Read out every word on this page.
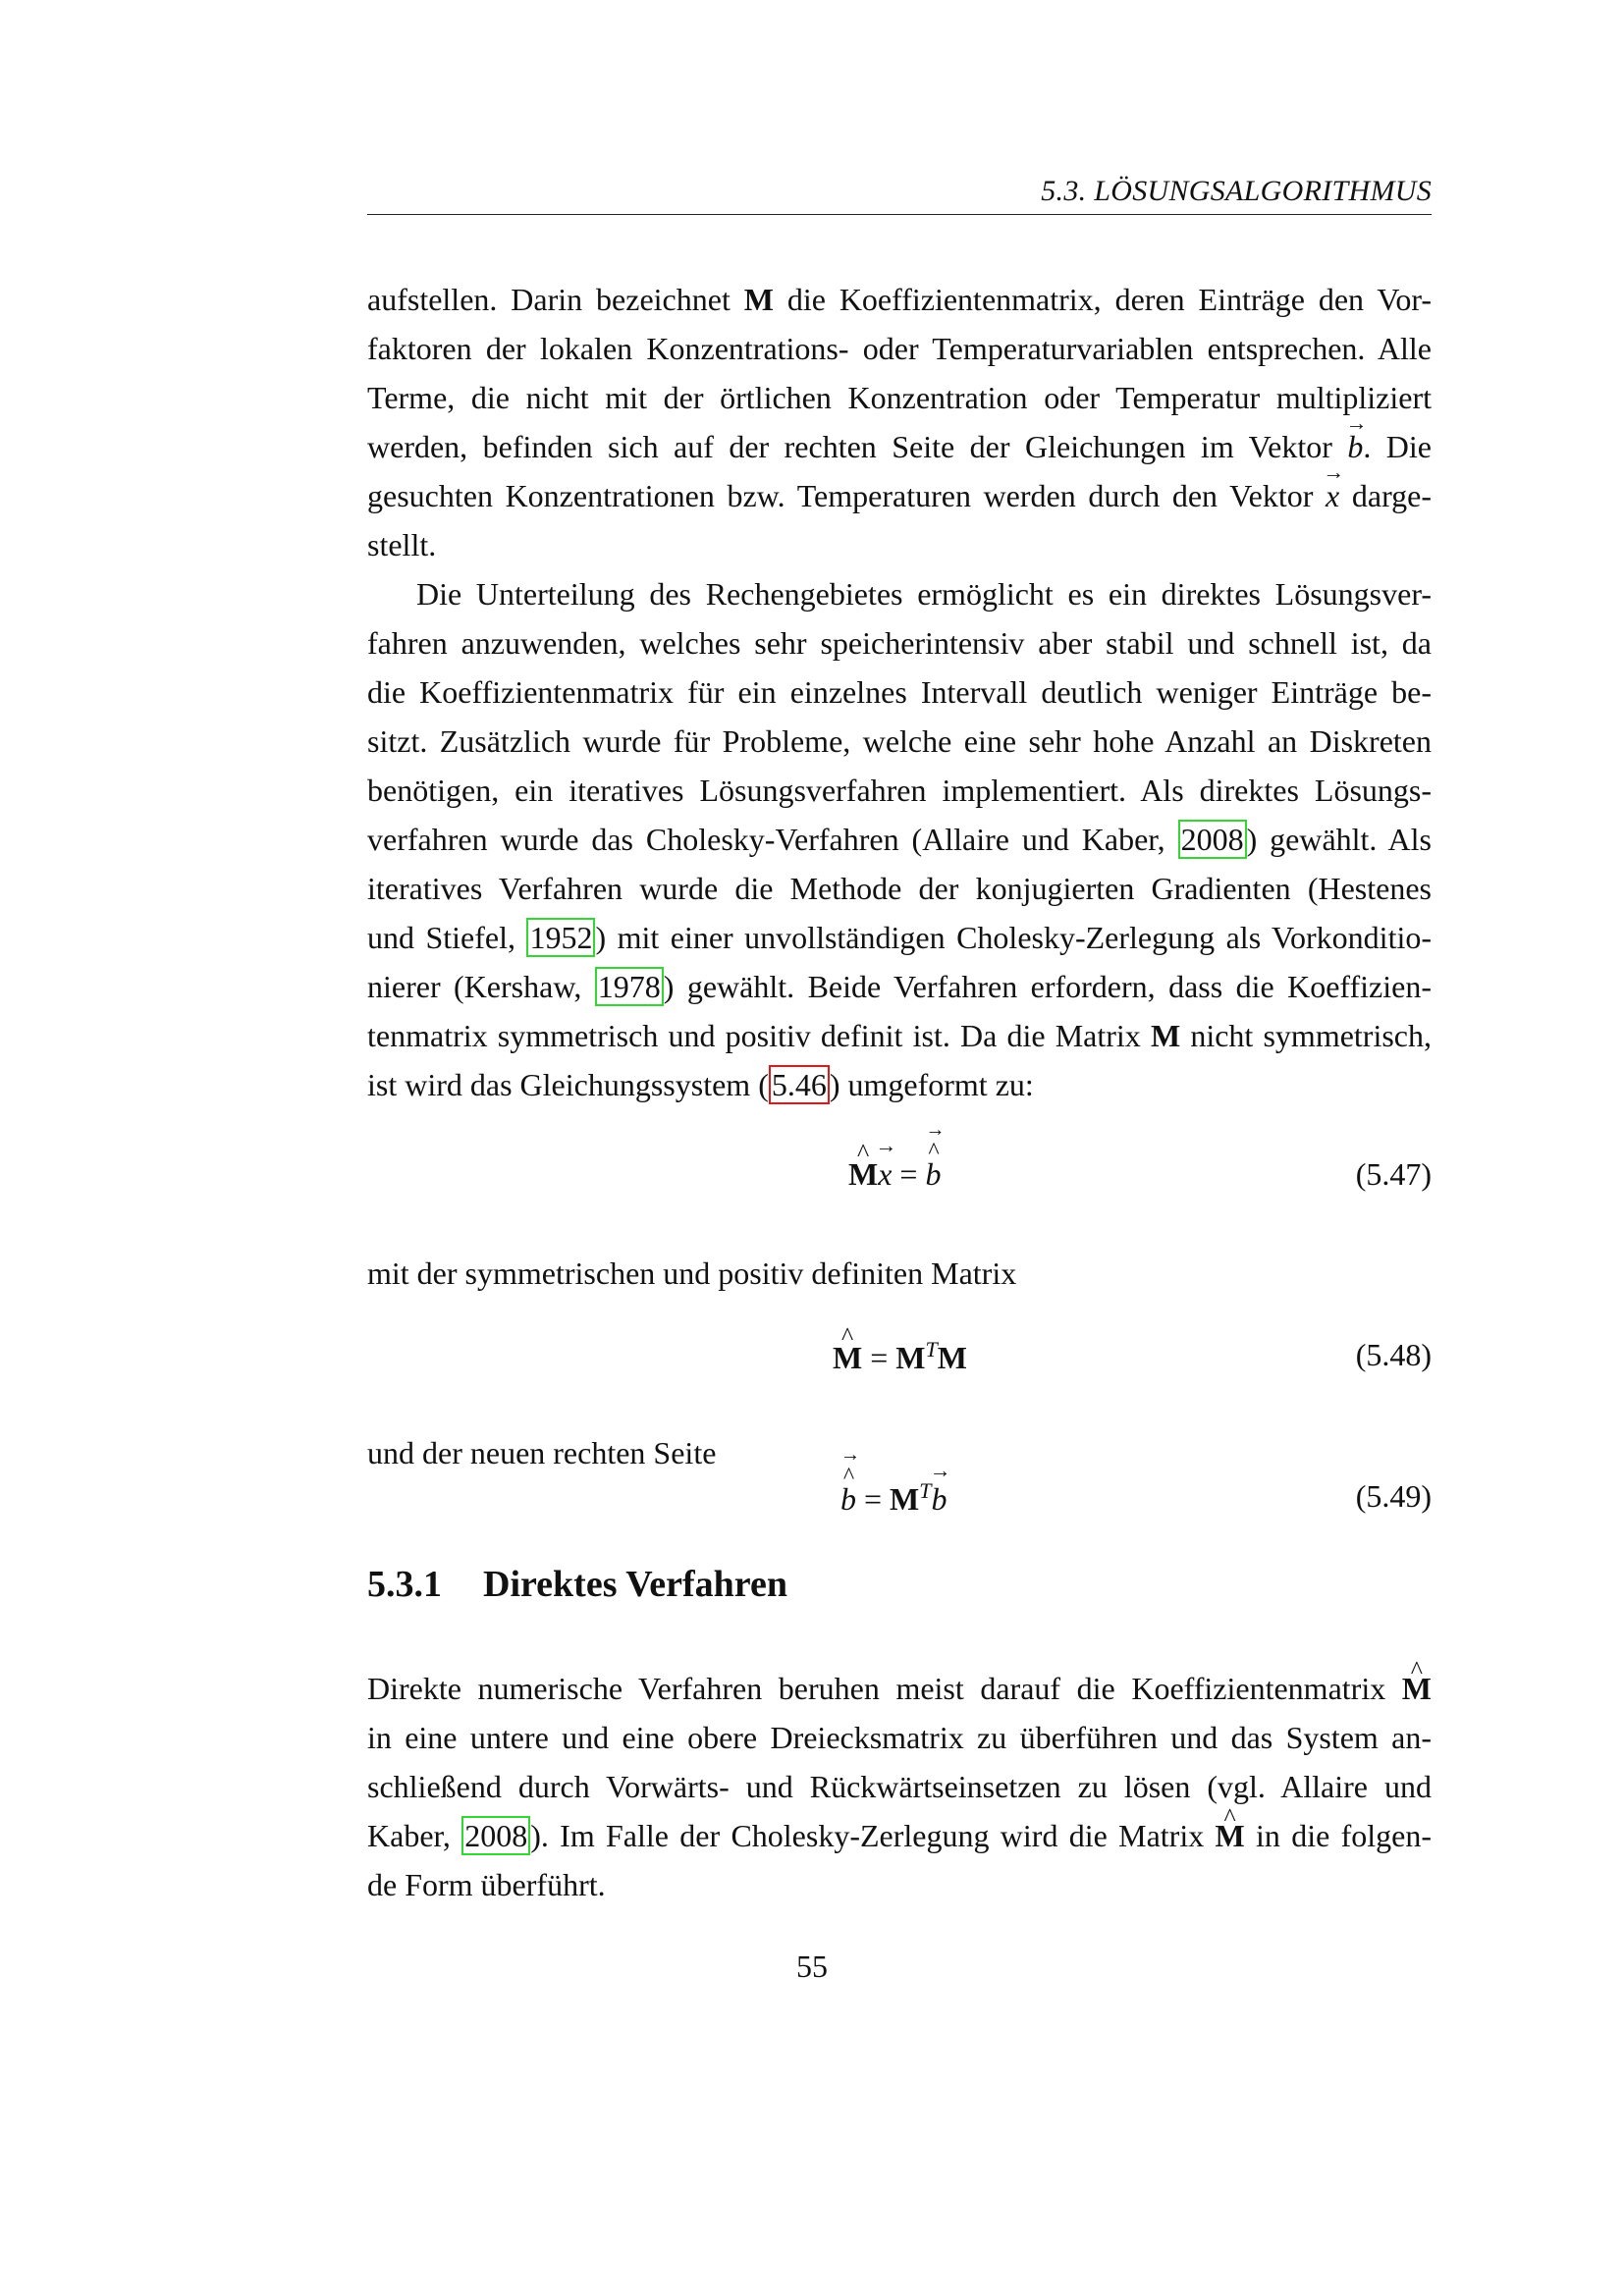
5.3. LÖSUNGSALGORITHMUS
aufstellen. Darin bezeichnet M die Koeffizientenmatrix, deren Einträge den Vor-
faktoren der lokalen Konzentrations- oder Temperaturvariablen entsprechen. Alle
Terme, die nicht mit der örtlichen Konzentration oder Temperatur multipliziert
werden, befinden sich auf der rechten Seite der Gleichungen im Vektor → b. Die
gesuchten Konzentrationen bzw. Temperaturen werden durch den Vektor → x darge-
stellt.
Die Unterteilung des Rechengebietes ermöglicht es ein direktes Lösungsver-
fahren anzuwenden, welches sehr speicherintensiv aber stabil und schnell ist, da
die Koeffizientenmatrix für ein einzelnes Intervall deutlich weniger Einträge be-
sitzt. Zusätzlich wurde für Probleme, welche eine sehr hohe Anzahl an Diskreten
benötigen, ein iteratives Lösungsverfahren implementiert. Als direktes Lösungs-
verfahren wurde das Cholesky-Verfahren (Allaire und Kaber, 2008) gewählt. Als
iteratives Verfahren wurde die Methode der konjugierten Gradienten (Hestenes
und Stiefel, 1952) mit einer unvollständigen Cholesky-Zerlegung als Vorkonditio-
nierer (Kershaw, 1978) gewählt. Beide Verfahren erfordern, dass die Koeffizien-
tenmatrix symmetrisch und positiv definit ist. Da die Matrix M nicht symmetrisch,
ist wird das Gleichungssystem (5.46) umgeformt zu:
^ M→ x = ^ b →	(5.47)
mit der symmetrischen und positiv definiten Matrix
^ $M = M^TM$	(5.48)
und der neuen rechten Seite
^ b → = $M^T\to b$	(5.49)
5.3.1 Direktes Verfahren
Direkte numerische Verfahren beruhen meist darauf die Koeffizientenmatrix ^ M
in eine untere und eine obere Dreiecksmatrix zu überführen und das System an-
schließend durch Vorwärts- und Rückwärtseinsetzen zu lösen (vgl. Allaire und
Kaber, 2008). Im Falle der Cholesky-Zerlegung wird die Matrix ^ M in die folgen-
de Form überführt.
55
